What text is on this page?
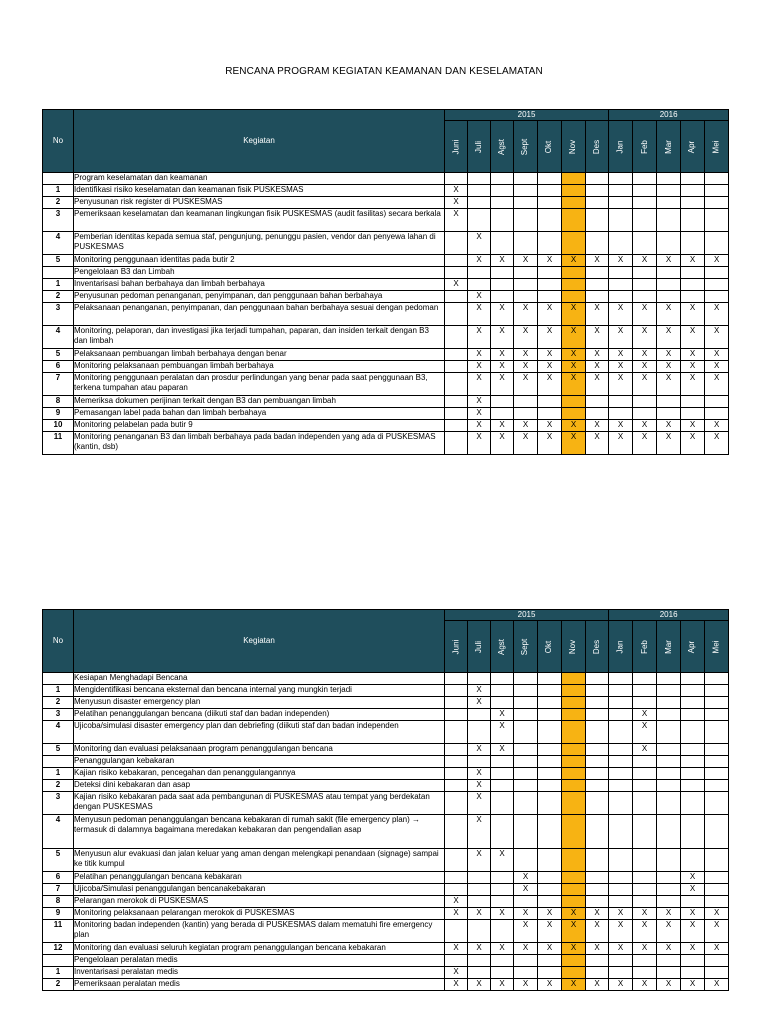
RENCANA PROGRAM KEGIATAN KEAMANAN DAN KESELAMATAN
No	Kegiatan	2015							2016				
		Juni	Juli	Agst	Sept	Okt	Nov	Des	Jan	Feb	Mar	Apr	Mei
	Program keselamatan dan keamanan												
1	Identifikasi risiko keselamatan dan keamanan fisik PUSKESMAS	X											
2	Penyusunan risk register di PUSKESMAS	X											
3	Pemeriksaan keselamatan dan keamanan lingkungan fisik PUSKESMAS (audit fasilitas) secara berkala	X											
4	Pemberian identitas kepada semua staf, pengunjung, penunggu pasien, vendor dan penyewa lahan di PUSKESMAS		X										
5	Monitoring penggunaan identitas pada butir 2		X	X	X	X	X	X	X	X	X	X	X
	Pengelolaan B3 dan Limbah												
1	Inventarisasi bahan berbahaya dan limbah berbahaya	X											
2	Penyusunan pedoman penanganan, penyimpanan, dan penggunaan bahan berbahaya		X										
3	Pelaksanaan penanganan, penyimpanan, dan penggunaan bahan berbahaya sesuai dengan pedoman		X	X	X	X	X	X	X	X	X	X	X
4	Monitoring, pelaporan, dan investigasi jika terjadi tumpahan, paparan, dan insiden terkait dengan B3 dan limbah		X	X	X	X	X	X	X	X	X	X	X
5	Pelaksanaan pembuangan limbah berbahaya dengan benar		X	X	X	X	X	X	X	X	X	X	X
6	Monitoring pelaksanaan pembuangan limbah berbahaya		X	X	X	X	X	X	X	X	X	X	X
7	Monitoring penggunaan peralatan dan prosdur perlindungan yang benar pada saat penggunaan B3, terkena tumpahan atau paparan		X	X	X	X	X	X	X	X	X	X	X
8	Memeriksa dokumen perijinan terkait dengan B3 dan pembuangan limbah		X										
9	Pemasangan label pada bahan dan limbah berbahaya		X										
10	Monitoring pelabelan pada butir 9		X	X	X	X	X	X	X	X	X	X	X
11	Monitoring penanganan B3 dan limbah berbahaya pada badan independen yang ada di PUSKESMAS (kantin, dsb)		X	X	X	X	X	X	X	X	X	X	X
No	Kegiatan	2015							2016				
		Juni	Juli	Agst	Sept	Okt	Nov	Des	Jan	Feb	Mar	Apr	Mei
	Kesiapan Menghadapi Bencana												
1	Mengidentifikasi bencana eksternal dan bencana internal yang mungkin terjadi		X										
2	Menyusun disaster emergency plan		X										
3	Pelatihan penanggulangan bencana (diikuti staf dan badan independen)			X						X			
4	Ujicoba/simulasi disaster emergency plan dan debriefing (diikuti staf dan badan independen			X						X			
5	Monitoring dan evaluasi pelaksanaan program penanggulangan bencana		X	X						X			
	Penanggulangan kebakaran												
1	Kajian risiko kebakaran, pencegahan dan penanggulangannya		X										
2	Deteksi dini kebakaran dan asap		X										
3	Kajian risiko kebakaran pada saat ada pembangunan di PUSKESMAS atau tempat yang berdekatan dengan PUSKESMAS		X										
4	Menyusun pedoman penanggulangan bencana kebakaran di rumah sakit (file emergency plan) → termasuk di dalamnya bagaimana meredakan kebakaran dan pengendalian asap		X										
5	Menyusun alur evakuasi dan jalan keluar yang aman dengan melengkapi penandaan (signage) sampai ke titik kumpul		X	X									
6	Pelatihan penanggulangan bencana kebakaran				X							X	
7	Ujicoba/Simulasi penanggulangan bencanakebakaran				X							X	
8	Pelarangan merokok di PUSKESMAS	X											
9	Monitoring pelaksanaan pelarangan merokok di PUSKESMAS	X	X	X	X	X	X	X	X	X	X	X	X
11	Monitoring badan independen (kantin) yang berada di PUSKESMAS dalam mematuhi fire emergency plan				X	X	X	X	X	X	X	X	X
12	Monitoring dan evaluasi seluruh kegiatan program penanggulangan bencana kebakaran	X	X	X	X	X	X	X	X	X	X	X	X
	Pengelolaan peralatan medis												
1	Inventarisasi peralatan medis	X											
2	Pemeriksaan peralatan medis	X	X	X	X	X	X	X	X	X	X	X	X
